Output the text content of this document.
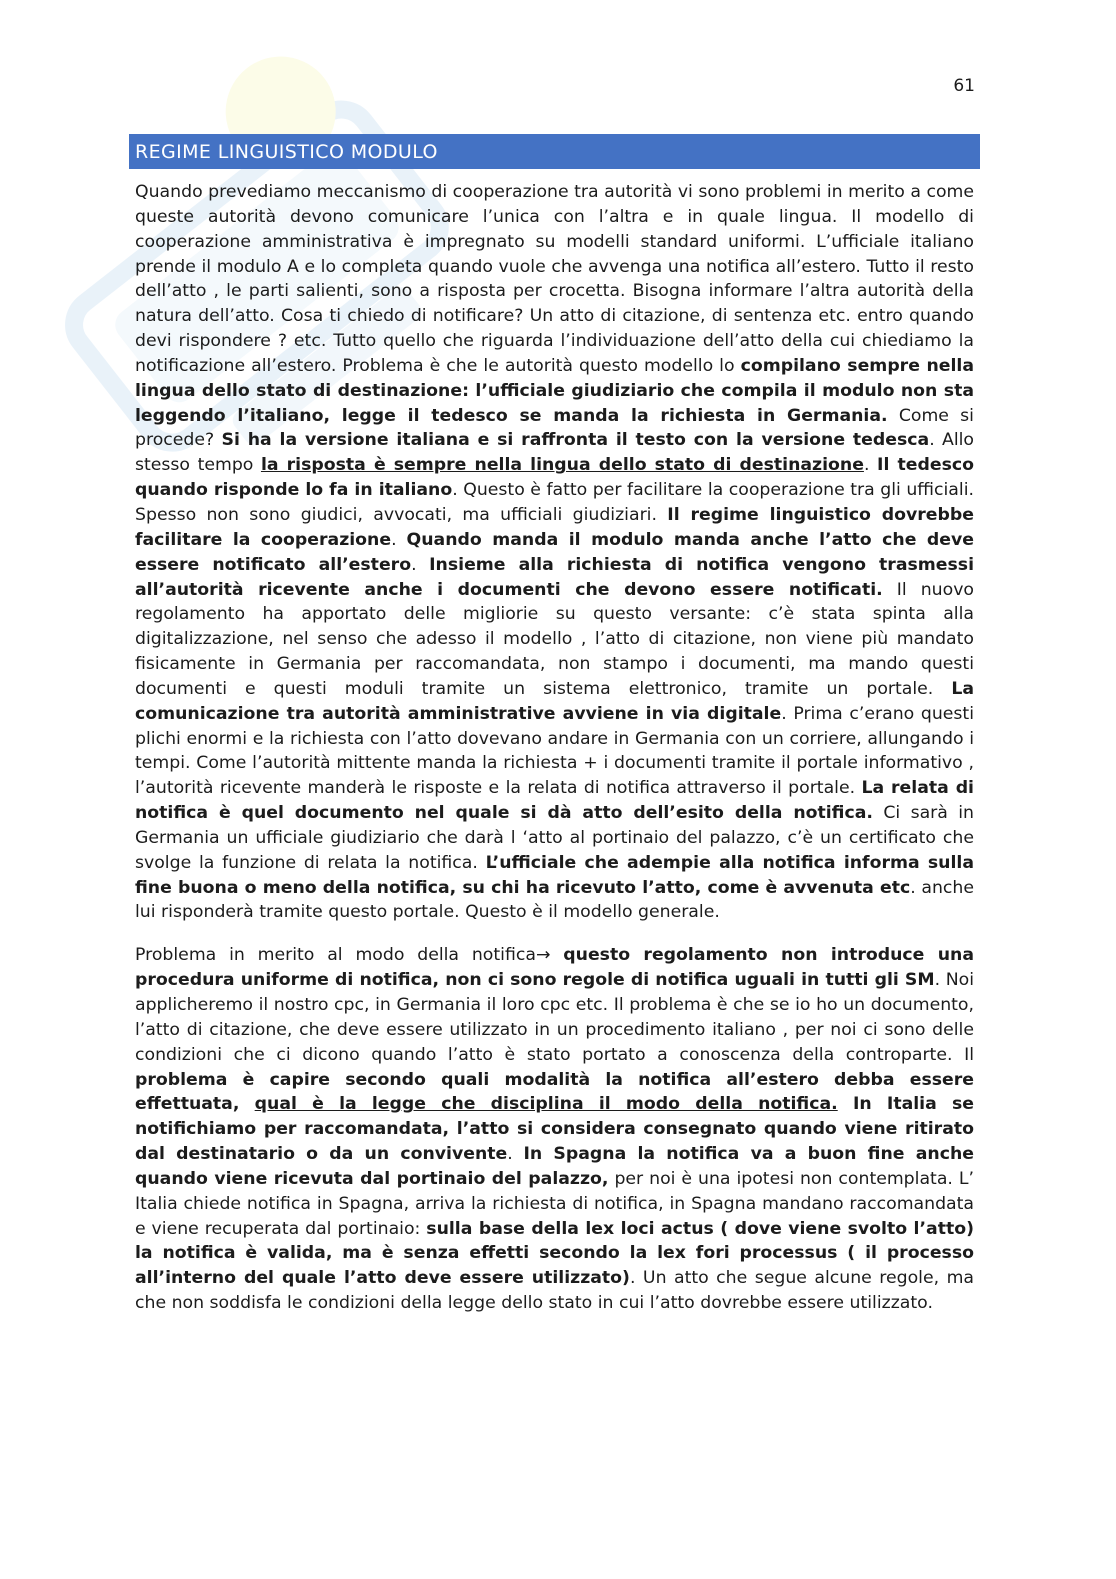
61
REGIME LINGUISTICO MODULO

Quando prevediamo meccanismo di cooperazione tra autorità vi sono problemi in merito a come queste autorità devono comunicare l’unica con l’altra e in quale lingua. Il modello di cooperazione amministrativa è impregnato su modelli standard uniformi. L’ufficiale italiano prende il modulo A e lo completa quando vuole che avvenga una notifica all’estero. Tutto il resto dell’atto , le parti salienti, sono a risposta per crocetta. Bisogna informare l’altra autorità della natura dell’atto. Cosa ti chiedo di notificare? Un atto di citazione, di sentenza etc. entro quando devi rispondere ? etc. Tutto quello che riguarda l’individuazione dell’atto della cui chiediamo la notificazione all’estero. Problema è che le autorità questo modello lo compilano sempre nella lingua dello stato di destinazione: l’ufficiale giudiziario che compila il modulo non sta leggendo l’italiano, legge il tedesco se manda la richiesta in Germania. Come si procede? Si ha la versione italiana e si raffronta il testo con la versione tedesca. Allo stesso tempo la risposta è sempre nella lingua dello stato di destinazione. Il tedesco quando risponde lo fa in italiano. Questo è fatto per facilitare la cooperazione tra gli ufficiali. Spesso non sono giudici, avvocati, ma ufficiali giudiziari. Il regime linguistico dovrebbe facilitare la cooperazione. Quando manda il modulo manda anche l’atto che deve essere notificato all’estero. Insieme alla richiesta di notifica vengono trasmessi all’autorità ricevente anche i documenti che devono essere notificati. Il nuovo regolamento ha apportato delle migliorie su questo versante: c’è stata spinta alla digitalizzazione, nel senso che adesso il modello , l’atto di citazione, non viene più mandato fisicamente in Germania per raccomandata, non stampo i documenti, ma mando questi documenti e questi moduli tramite un sistema elettronico, tramite un portale. La comunicazione tra autorità amministrative avviene in via digitale. Prima c’erano questi plichi enormi e la richiesta con l’atto dovevano andare in Germania con un corriere, allungando i tempi. Come l’autorità mittente manda la richiesta + i documenti tramite il portale informativo , l’autorità ricevente manderà le risposte e la relata di notifica attraverso il portale. La relata di notifica è quel documento nel quale si dà atto dell’esito della notifica. Ci sarà in Germania un ufficiale giudiziario che darà l ‘atto al portinaio del palazzo, c’è un certificato che svolge la funzione di relata la notifica. L’ufficiale che adempie alla notifica informa sulla fine buona o meno della notifica, su chi ha ricevuto l’atto, come è avvenuta etc. anche lui risponderà tramite questo portale. Questo è il modello generale.

Problema in merito al modo della notifica→ questo regolamento non introduce una procedura uniforme di notifica, non ci sono regole di notifica uguali in tutti gli SM. Noi applicheremo il nostro cpc, in Germania il loro cpc etc. Il problema è che se io ho un documento, l’atto di citazione, che deve essere utilizzato in un procedimento italiano , per noi ci sono delle condizioni che ci dicono quando l’atto è stato portato a conoscenza della controparte. Il problema è capire secondo quali modalità la notifica all’estero debba essere effettuata, qual è la legge che disciplina il modo della notifica. In Italia se notifichiamo per raccomandata, l’atto si considera consegnato quando viene ritirato dal destinatario o da un convivente. In Spagna la notifica va a buon fine anche quando viene ricevuta dal portinaio del palazzo, per noi è una ipotesi non contemplata. L’ Italia chiede notifica in Spagna, arriva la richiesta di notifica, in Spagna mandano raccomandata e viene recuperata dal portinaio: sulla base della lex loci actus ( dove viene svolto l’atto) la notifica è valida, ma è senza effetti secondo la lex fori processus ( il processo all’interno del quale l’atto deve essere utilizzato). Un atto che segue alcune regole, ma che non soddisfa le condizioni della legge dello stato in cui l’atto dovrebbe essere utilizzato.
